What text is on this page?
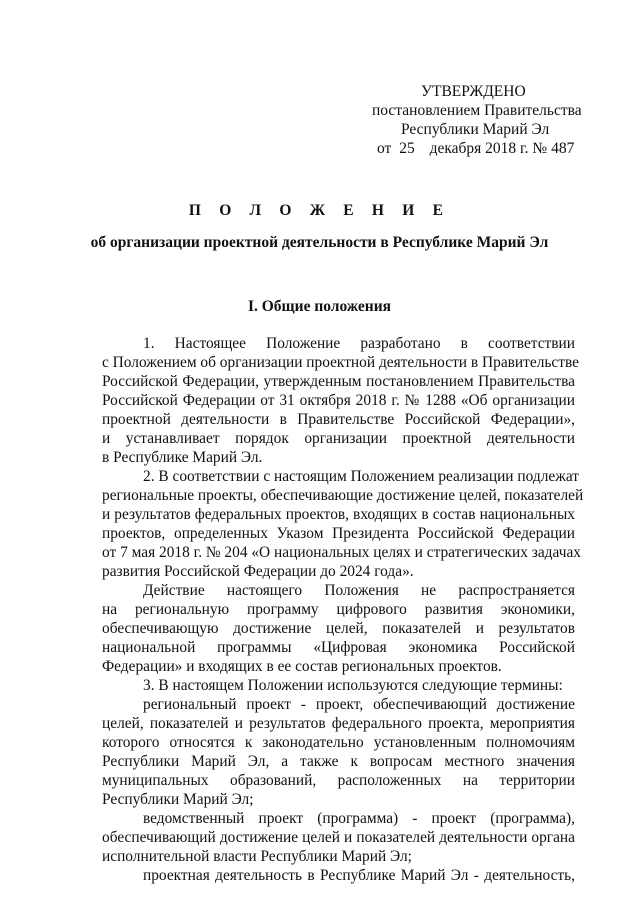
УТВЕРЖДЕНО
постановлением Правительства
Республики Марий Эл
от 25 декабря 2018 г. № 487
П О Л О Ж Е Н И Е
об организации проектной деятельности в Республике Марий Эл
I. Общие положения
1. Настоящее Положение разработано в соответствии
с Положением об организации проектной деятельности в Правительстве
Российской Федерации, утвержденным постановлением Правительства
Российской Федерации от 31 октября 2018 г. № 1288 «Об организации
проектной деятельности в Правительстве Российской Федерации»,
и устанавливает порядок организации проектной деятельности
в Республике Марий Эл.
2. В соответствии с настоящим Положением реализации подлежат
региональные проекты, обеспечивающие достижение целей, показателей
и результатов федеральных проектов, входящих в состав национальных
проектов, определенных Указом Президента Российской Федерации
от 7 мая 2018 г. № 204 «О национальных целях и стратегических задачах
развития Российской Федерации до 2024 года».
Действие настоящего Положения не распространяется
на региональную программу цифрового развития экономики,
обеспечивающую достижение целей, показателей и результатов
национальной программы «Цифровая экономика Российской
Федерации» и входящих в ее состав региональных проектов.
3. В настоящем Положении используются следующие термины:
региональный проект - проект, обеспечивающий достижение
целей, показателей и результатов федерального проекта, мероприятия
которого относятся к законодательно установленным полномочиям
Республики Марий Эл, а также к вопросам местного значения
муниципальных образований, расположенных на территории
Республики Марий Эл;
ведомственный проект (программа) - проект (программа),
обеспечивающий достижение целей и показателей деятельности органа
исполнительной власти Республики Марий Эл;
проектная деятельность в Республике Марий Эл - деятельность,
